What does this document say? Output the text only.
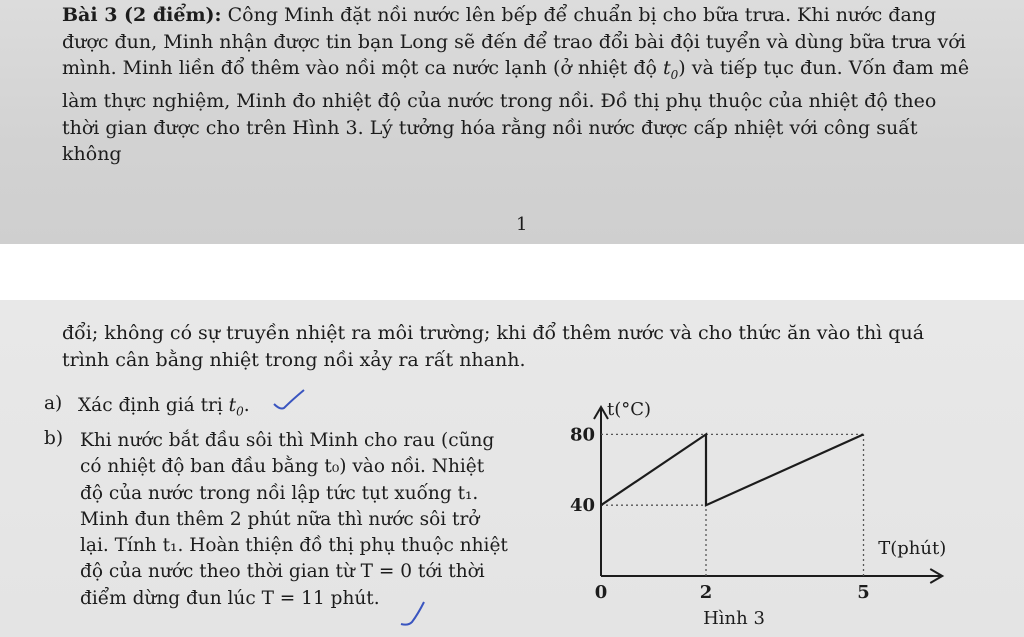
Bài 3 (2 điểm): Công Minh đặt nồi nước lên bếp để chuẩn bị cho bữa trưa. Khi nước đang được đun, Minh nhận được tin bạn Long sẽ đến để trao đổi bài đội tuyển và dùng bữa trưa với mình. Minh liền đổ thêm vào nồi một ca nước lạnh (ở nhiệt độ $t_0$) và tiếp tục đun. Vốn đam mê làm thực nghiệm, Minh đo nhiệt độ của nước trong nồi. Đồ thị phụ thuộc của nhiệt độ theo thời gian được cho trên Hình 3. Lý tưởng hóa rằng nồi nước được cấp nhiệt với công suất không

1

đổi; không có sự truyền nhiệt ra môi trường; khi đổ thêm nước và cho thức ăn vào thì quá trình cân bằng nhiệt trong nồi xảy ra rất nhanh.

a) Xác định giá trị $t_0$.
b) Khi nước bắt đầu sôi thì Minh cho rau (cũng
có nhiệt độ ban đầu bằng t₀) vào nồi. Nhiệt
độ của nước trong nồi lập tức tụt xuống t₁.
Minh đun thêm 2 phút nữa thì nước sôi trở
lại. Tính t₁. Hoàn thiện đồ thị phụ thuộc nhiệt
độ của nước theo thời gian từ T = 0 tới thời
điểm dừng đun lúc T = 11 phút.	0	2	5
40
80
t(°C)
T(phút)
Hình 3
